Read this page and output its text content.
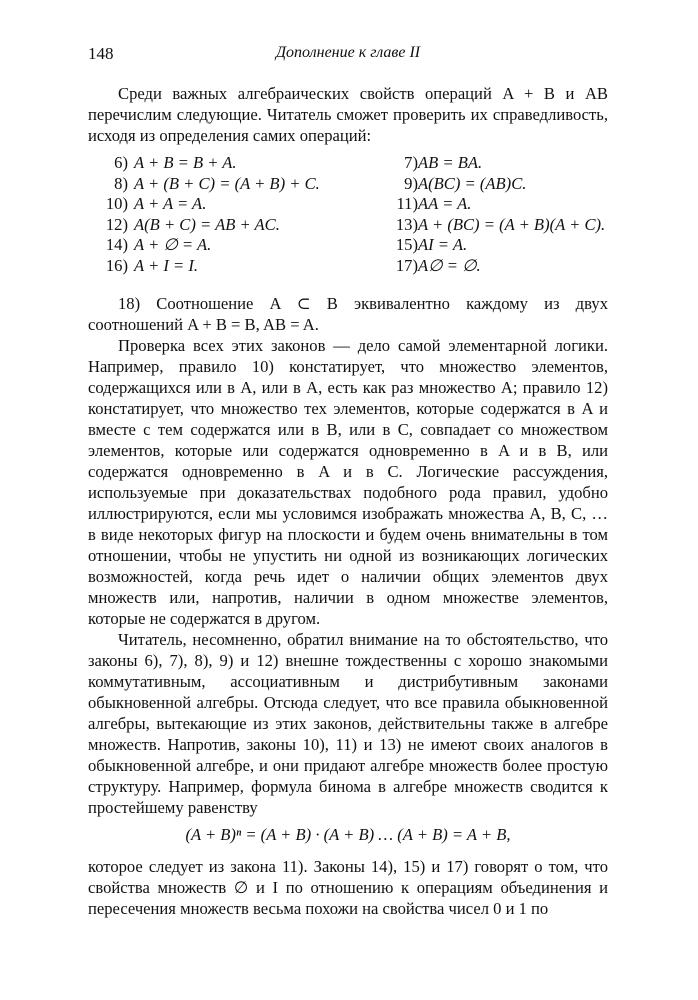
148	Дополнение к главе II

Среди важных алгебраических свойств операций A + B и AB перечислим следующие. Читатель сможет проверить их справедливость, исходя из определения самих операций:

6) A + B = B + A.	7) AB = BA.
8) A + (B + C) = (A + B) + C.	9) A(BC) = (AB)C.
10) A + A = A.	11) AA = A.
12) A(B + C) = AB + AC.	13) A + (BC) = (A + B)(A + C).
14) A + ∅ = A.	15) AI = A.
16) A + I = I.	17) A∅ = ∅.

18) Соотношение A ⊂ B эквивалентно каждому из двух соотношений A + B = B, AB = A.

Проверка всех этих законов — дело самой элементарной логики. Например, правило 10) констатирует, что множество элементов, содержащихся или в A, или в A, есть как раз множество A; правило 12) констатирует, что множество тех элементов, которые содержатся в A и вместе с тем содержатся или в B, или в C, совпадает со множеством элементов, которые или содержатся одновременно в A и в B, или содержатся одновременно в A и в C. Логические рассуждения, используемые при доказательствах подобного рода правил, удобно иллюстрируются, если мы условимся изображать множества A, B, C, … в виде некоторых фигур на плоскости и будем очень внимательны в том отношении, чтобы не упустить ни одной из возникающих логических возможностей, когда речь идет о наличии общих элементов двух множеств или, напротив, наличии в одном множестве элементов, которые не содержатся в другом.

Читатель, несомненно, обратил внимание на то обстоятельство, что законы 6), 7), 8), 9) и 12) внешне тождественны с хорошо знакомыми коммутативным, ассоциативным и дистрибутивным законами обыкновенной алгебры. Отсюда следует, что все правила обыкновенной алгебры, вытекающие из этих законов, действительны также в алгебре множеств. Напротив, законы 10), 11) и 13) не имеют своих аналогов в обыкновенной алгебре, и они придают алгебре множеств более простую структуру. Например, формула бинома в алгебре множеств сводится к простейшему равенству

(A + B)ⁿ = (A + B) · (A + B) … (A + B) = A + B,

которое следует из закона 11). Законы 14), 15) и 17) говорят о том, что свойства множеств ∅ и I по отношению к операциям объединения и пересечения множеств весьма похожи на свойства чисел 0 и 1 по
